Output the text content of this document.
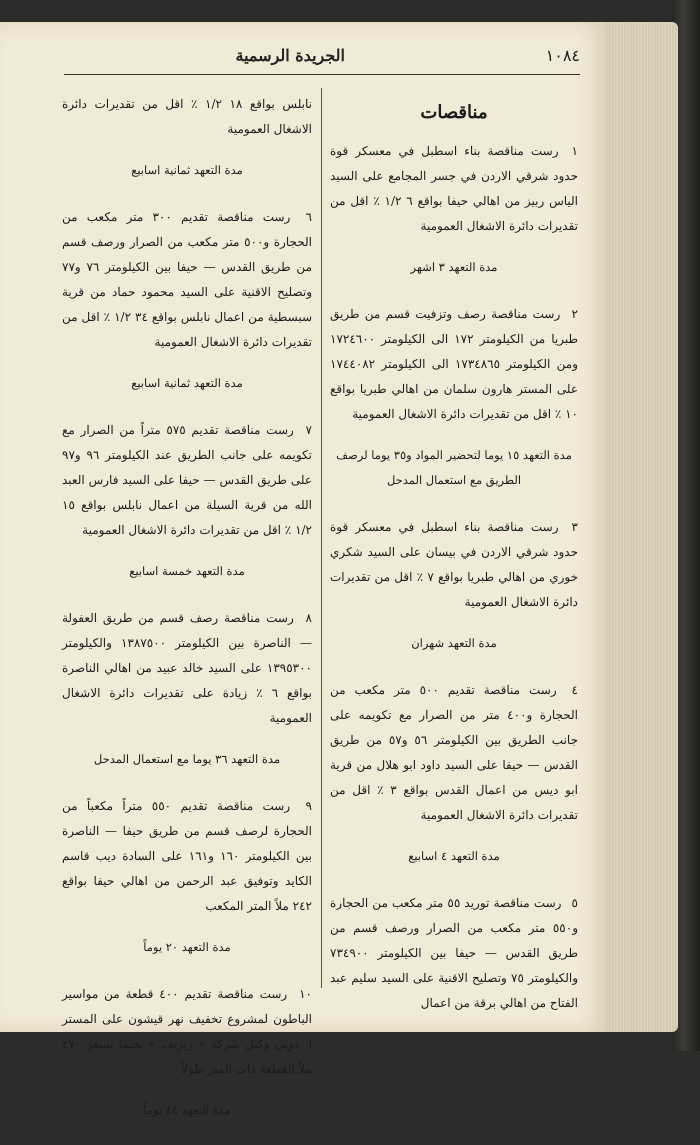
١٠٨٤
الجريدة الرسمية
مناقصات
١ رست مناقصة بناء اسطبل في معسكر قوة حدود شرقي الاردن في جسر المجامع على السيد الياس ربيز من اهالي حيفا بواقع ٦ ١/٢ ٪ اقل من تقديرات دائرة الاشغال العمومية
مدة التعهد ٣ اشهر
٢ رست مناقصة رصف وتزفيت قسم من طريق طبريا من الكيلومتر ١٧٢ الى الكيلومتر ١٧٢٤٦٠٠ ومن الكيلومتر ١٧٣٤٨٦٥ الى الكيلومتر ١٧٤٤٠٨٢ على المستر هارون سلمان من اهالي طبريا بواقع ١٠ ٪ اقل من تقديرات دائرة الاشغال العمومية
مدة التعهد ١٥ يوما لتحضير المواد و٣٥ يوما لرصف الطريق مع استعمال المدحل
٣ رست مناقصة بناء اسطبل في معسكر قوة حدود شرقي الاردن في بيسان على السيد شكري خوري من اهالي طبريا بواقع ٧ ٪ اقل من تقديرات دائرة الاشغال العمومية
مدة التعهد شهران
٤ رست مناقصة تقديم ٥٠٠ متر مكعب من الحجارة و٤٠٠ متر من الصرار مع تكويمه على جانب الطريق بين الكيلومتر ٥٦ و٥٧ من طريق القدس — حيفا على السيد داود ابو هلال من قرية ابو ديس من اعمال القدس بواقع ٣ ٪ اقل من تقديرات دائرة الاشغال العمومية
مدة التعهد ٤ اسابيع
٥ رست مناقصة توريد ٥٥ متر مكعب من الحجارة و٥٥٠ متر مكعب من الصرار ورصف قسم من طريق القدس — حيفا بين الكيلومتر ٧٣٤٩٠٠ والكيلومتر ٧٥ وتصليح الاقنية على السيد سليم عبد الفتاح من اهالي برقة من اعمال
نابلس بواقع ١٨ ١/٢ ٪ اقل من تقديرات دائرة الاشغال العمومية
مدة التعهد ثمانية اسابيع
٦ رست مناقصة تقديم ٣٠٠ متر مكعب من الحجارة و٥٠٠ متر مكعب من الصرار ورصف قسم من طريق القدس — حيفا بين الكيلومتر ٧٦ و٧٧ وتصليح الاقنية على السيد محمود حماد من قرية سبسطية من اعمال نابلس بواقع ٣٤ ١/٢ ٪ اقل من تقديرات دائرة الاشغال العمومية
مدة التعهد ثمانية اسابيع
٧ رست مناقصة تقديم ٥٧٥ متراً من الصرار مع تكويمه على جانب الطريق عند الكيلومتر ٩٦ و٩٧ على طريق القدس — حيفا على السيد فارس العبد الله من قرية السيلة من اعمال نابلس بواقع ١٥ ١/٢ ٪ اقل من تقديرات دائرة الاشغال العمومية
مدة التعهد خمسة اسابيع
٨ رست مناقصة رصف قسم من طريق العفولة — الناصرة بين الكيلومتر ١٣٨٧٥٠٠ والكيلومتر ١٣٩٥٣٠٠ على السيد خالد عبيد من اهالي الناصرة بواقع ٦ ٪ زيادة على تقديرات دائرة الاشغال العمومية
مدة التعهد ٣٦ يوما مع استعمال المدحل
٩ رست مناقصة تقديم ٥٥٠ متراً مكعباً من الحجارة لرصف قسم من طريق حيفا — الناصرة بين الكيلومتر ١٦٠ و١٦١ على السادة ديب قاسم الكايد وتوفيق عبد الرحمن من اهالي حيفا بواقع ٢٤٢ ملاً المتر المكعب
مدة التعهد ٢٠ يوماً
١٠ رست مناقصة تقديم ٤٠٠ قطعة من مواسير الباطون لمشروع تخفيف نهر قيشون على المستر ا· دوبي وكيل شركة « ريزيف » بحيفا بسعر ٤٧٠ ملاً القطعة ذات المتر طولاً
مدة التعهد ٤٤ يوماً
